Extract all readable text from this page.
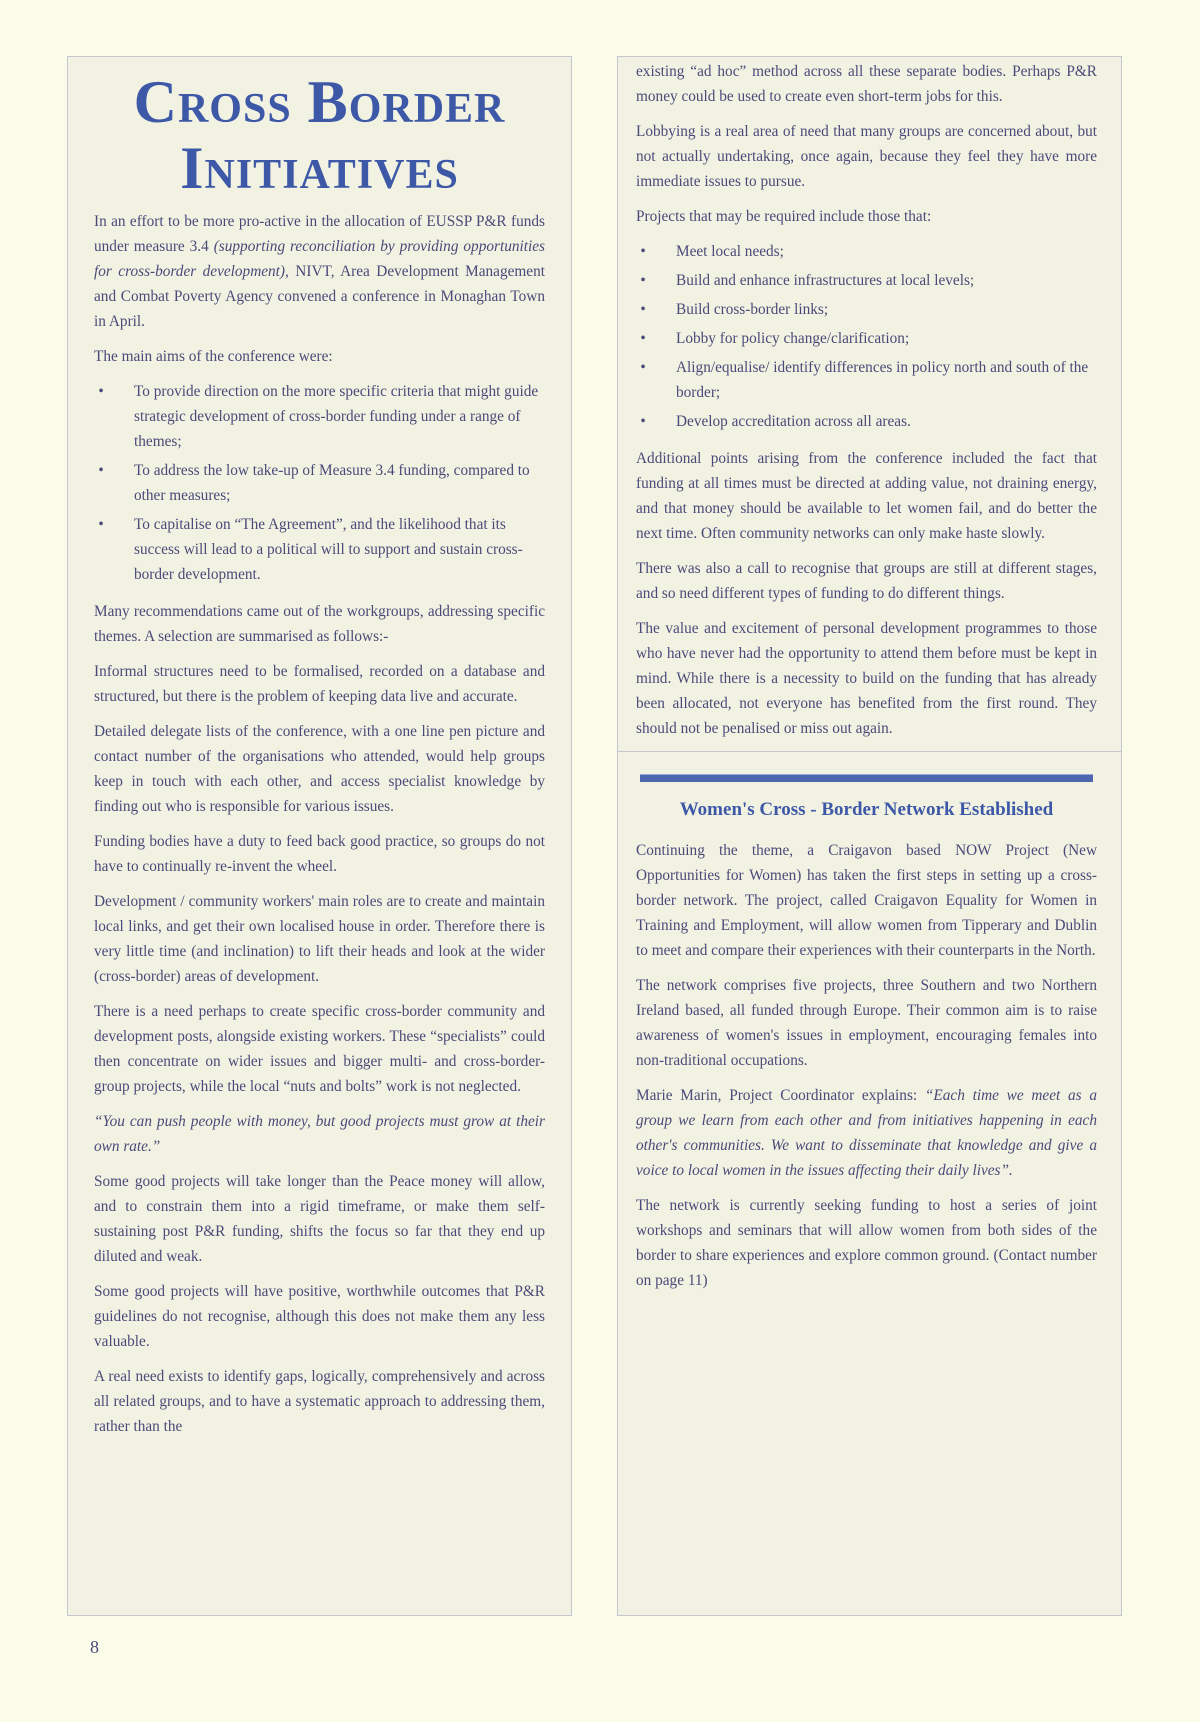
Cross Border
Initiatives

In an effort to be more pro-active in the allocation of EUSSP P&R funds under measure 3.4 (supporting reconciliation by providing opportunities for cross-border development), NIVT, Area Development Management and Combat Poverty Agency convened a conference in Monaghan Town in April.

The main aims of the conference were:

• To provide direction on the more specific criteria that might guide strategic development of cross-border funding under a range of themes;
• To address the low take-up of Measure 3.4 funding, compared to other measures;
• To capitalise on “The Agreement”, and the likelihood that its success will lead to a political will to support and sustain cross-border development.

Many recommendations came out of the workgroups, addressing specific themes. A selection are summarised as follows:-

Informal structures need to be formalised, recorded on a database and structured, but there is the problem of keeping data live and accurate.

Detailed delegate lists of the conference, with a one line pen picture and contact number of the organisations who attended, would help groups keep in touch with each other, and access specialist knowledge by finding out who is responsible for various issues.

Funding bodies have a duty to feed back good practice, so groups do not have to continually re-invent the wheel.

Development / community workers' main roles are to create and maintain local links, and get their own localised house in order. Therefore there is very little time (and inclination) to lift their heads and look at the wider (cross-border) areas of development.

There is a need perhaps to create specific cross-border community and development posts, alongside existing workers. These “specialists” could then concentrate on wider issues and bigger multi- and cross-border-group projects, while the local “nuts and bolts” work is not neglected.

“You can push people with money, but good projects must grow at their own rate.”

Some good projects will take longer than the Peace money will allow, and to constrain them into a rigid timeframe, or make them self-sustaining post P&R funding, shifts the focus so far that they end up diluted and weak.

Some good projects will have positive, worthwhile outcomes that P&R guidelines do not recognise, although this does not make them any less valuable.

A real need exists to identify gaps, logically, comprehensively and across all related groups, and to have a systematic approach to addressing them, rather than the

existing “ad hoc” method across all these separate bodies. Perhaps P&R money could be used to create even short-term jobs for this.

Lobbying is a real area of need that many groups are concerned about, but not actually undertaking, once again, because they feel they have more immediate issues to pursue.

Projects that may be required include those that:

• Meet local needs;
• Build and enhance infrastructures at local levels;
• Build cross-border links;
• Lobby for policy change/clarification;
• Align/equalise/ identify differences in policy north and south of the border;
• Develop accreditation across all areas.

Additional points arising from the conference included the fact that funding at all times must be directed at adding value, not draining energy, and that money should be available to let women fail, and do better the next time. Often community networks can only make haste slowly.

There was also a call to recognise that groups are still at different stages, and so need different types of funding to do different things.

The value and excitement of personal development programmes to those who have never had the opportunity to attend them before must be kept in mind. While there is a necessity to build on the funding that has already been allocated, not everyone has benefited from the first round. They should not be penalised or miss out again.

Women's Cross - Border Network Established

Continuing the theme, a Craigavon based NOW Project (New Opportunities for Women) has taken the first steps in setting up a cross-border network. The project, called Craigavon Equality for Women in Training and Employment, will allow women from Tipperary and Dublin to meet and compare their experiences with their counterparts in the North.

The network comprises five projects, three Southern and two Northern Ireland based, all funded through Europe. Their common aim is to raise awareness of women's issues in employment, encouraging females into non-traditional occupations.

Marie Marin, Project Coordinator explains: “Each time we meet as a group we learn from each other and from initiatives happening in each other's communities. We want to disseminate that knowledge and give a voice to local women in the issues affecting their daily lives”.

The network is currently seeking funding to host a series of joint workshops and seminars that will allow women from both sides of the border to share experiences and explore common ground. (Contact number on page 11)

8
